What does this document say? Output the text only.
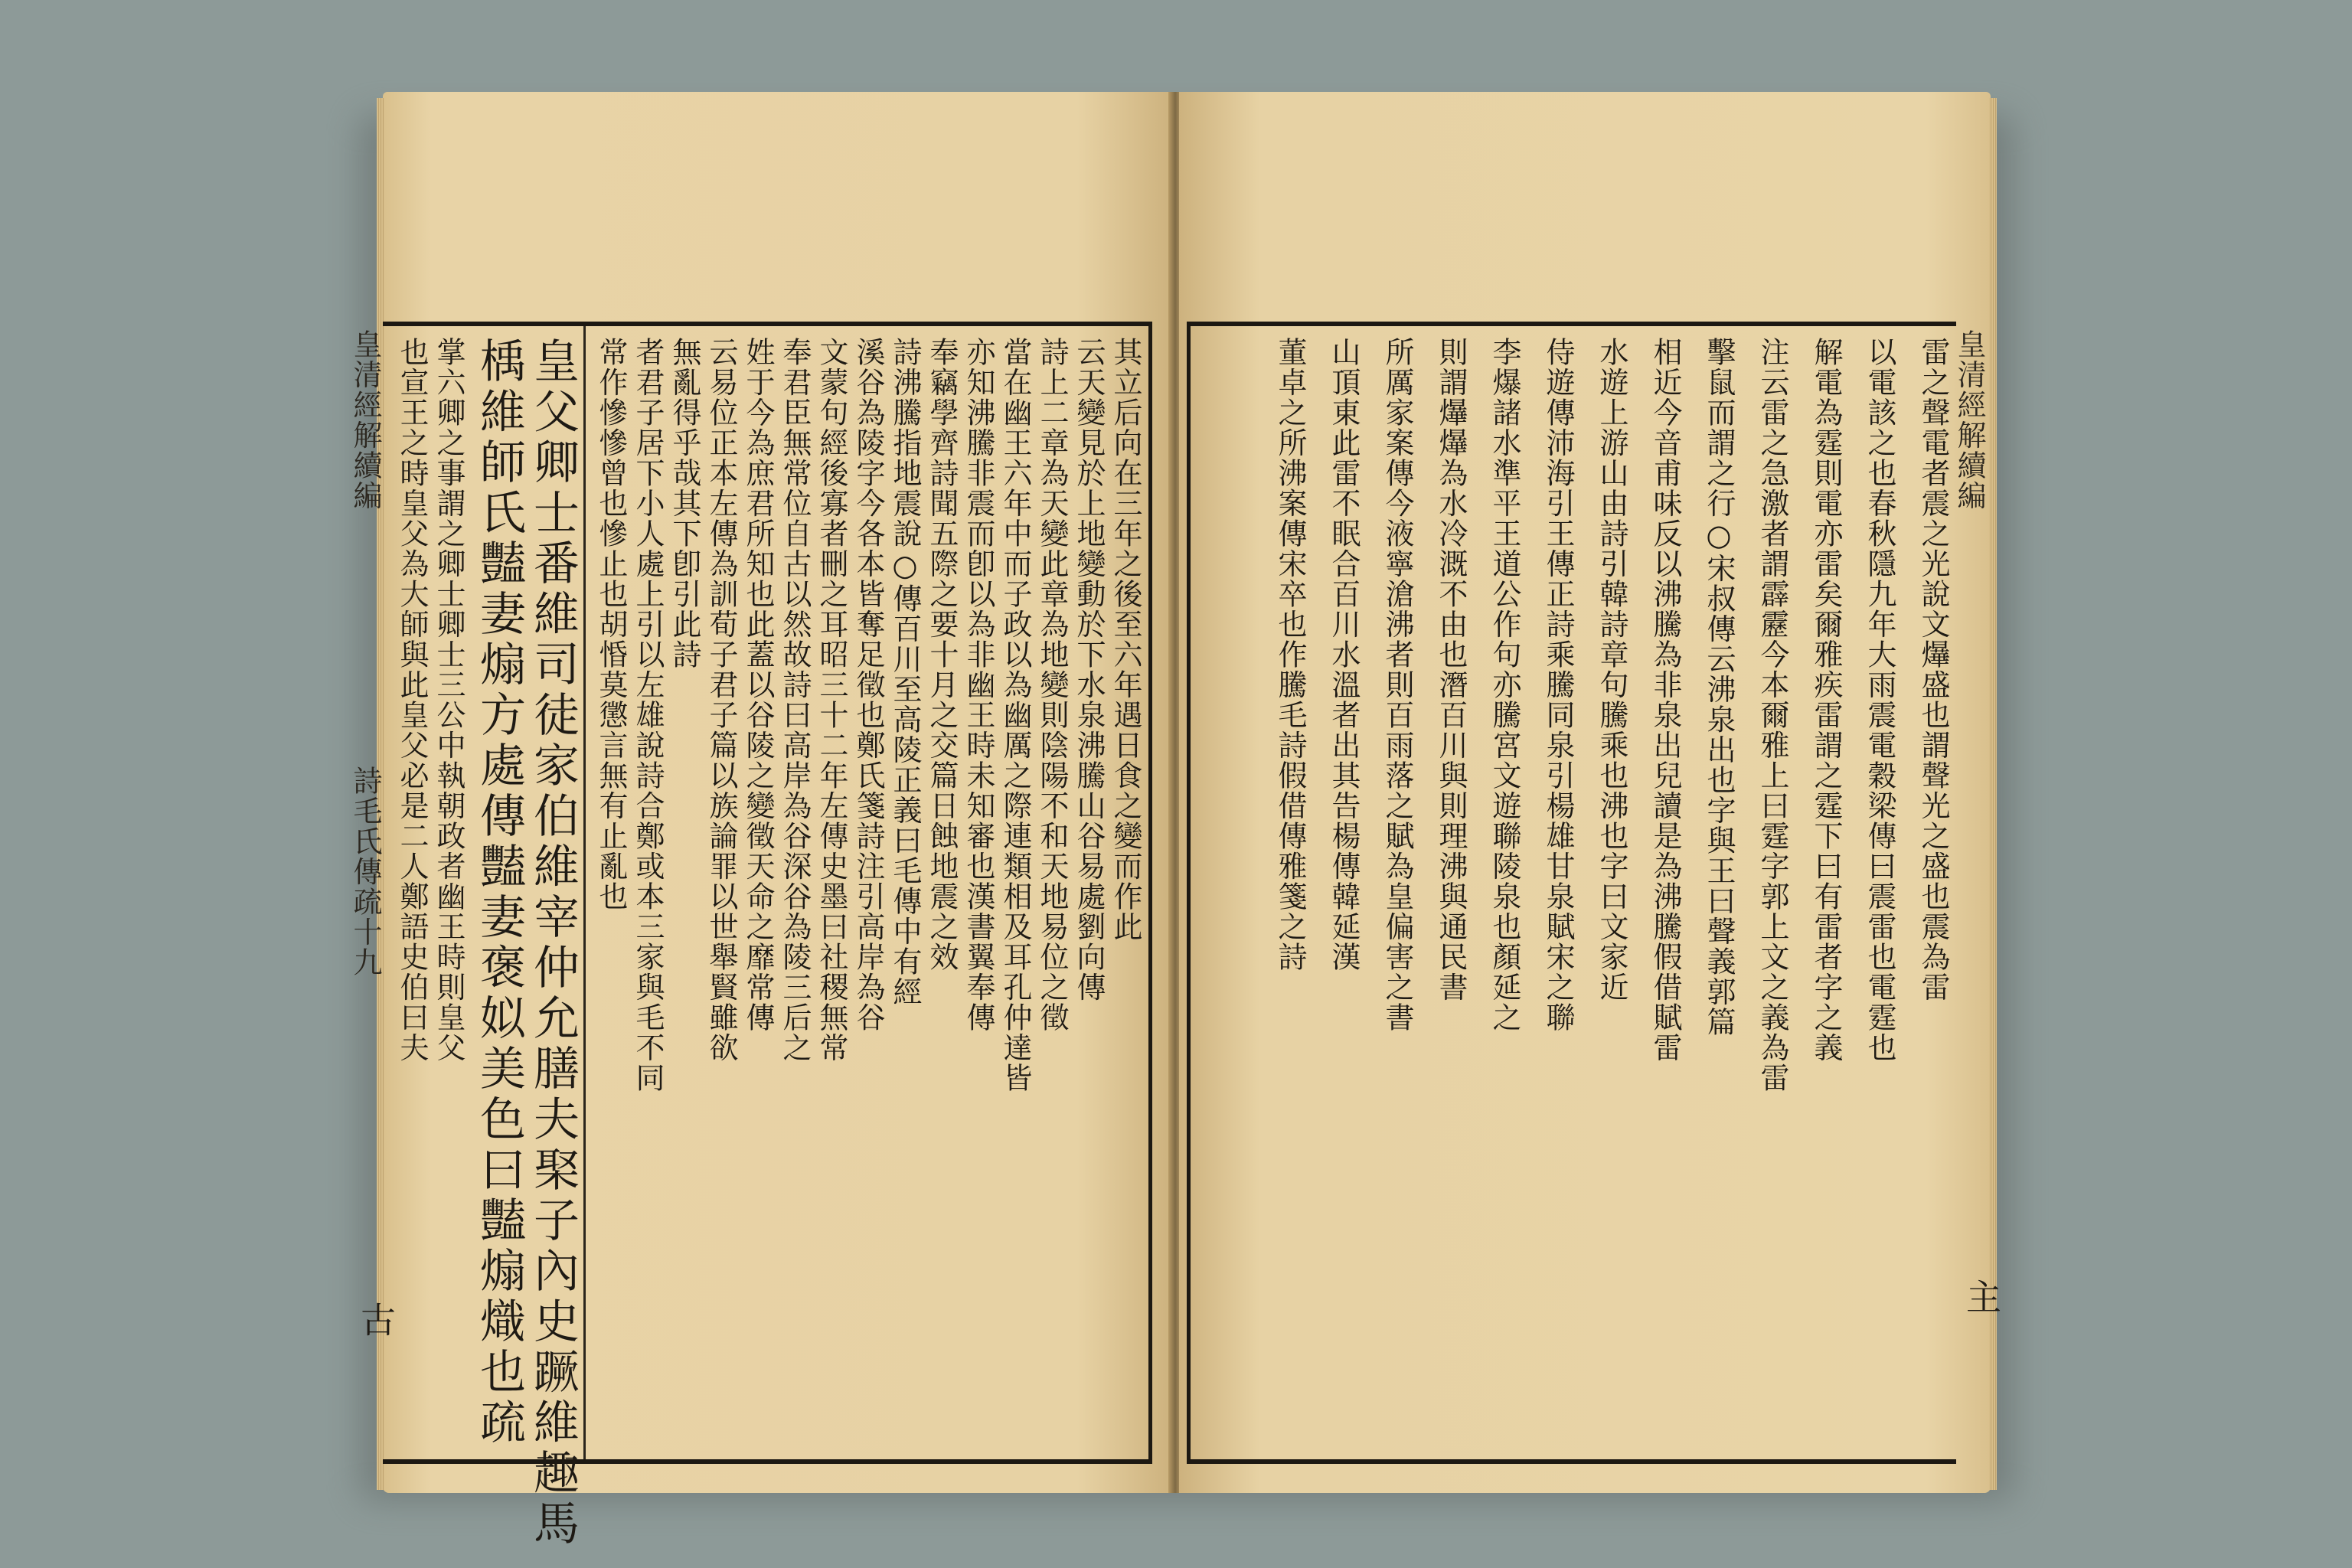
其立后向在三年之後至六年遇日食之變而作此
云天變見於上地變動於下水泉沸騰山谷易處劉向傳
詩上二章為天變此章為地變則陰陽不和天地易位之徵
當在幽王六年中而子政以為幽厲之際連類相及耳孔仲達皆
亦知沸騰非震而卽以為非幽王時未知審也漢書翼奉傳
奉竊學齊詩聞五際之要十月之交篇日蝕地震之效
詩沸騰指地震說○傳百川至高陵正義曰毛傳中有經
溪谷為陵字今各本皆奪足徵也鄭氏箋詩注引高岸為谷
文蒙句經後寡者刪之耳昭三十二年左傳史墨曰社稷無常
奉君臣無常位自古以然故詩曰高岸為谷深谷為陵三后之
姓于今為庶君所知也此蓋以谷陵之變徵天命之靡常傳
云易位正本左傳為訓荀子君子篇以族論罪以世舉賢雖欲
無亂得乎哉其下卽引此詩
者君子居下小人處上引以左雄說詩合鄭或本三家與毛不同
常作慘慘曾也慘止也胡惛莫懲言無有止亂也
皇父卿士番維司徒家伯維宰仲允膳夫棸子內史蹶維趣馬
楀維師氏豔妻煽方處傳豔妻褒姒美色曰豔煽熾也疏
掌六卿之事謂之卿士卿士三公中執朝政者幽王時則皇父
也宣王之時皇父為大師與此皇父必是二人鄭語史伯曰夫
皇清經解續編
詩毛氏傳疏十九
古
雷之聲電者震之光說文爗盛也謂聲光之盛也震為雷
以電該之也春秋隱九年大雨震電穀梁傳曰震雷也電霆也
解電為霆則電亦雷矣爾雅疾雷謂之霆下曰有雷者字之義
注云雷之急激者謂霹靂今本爾雅上曰霆字郭上文之義為雷
擊鼠而謂之行○宋叔傳云沸泉出也字與王曰聲義郭篇
相近今音甫味反以沸騰為非泉出兒讀是為沸騰假借賦雷
水遊上游山由詩引韓詩章句騰乘也沸也字曰文家近
侍遊傳沛海引王傳正詩乘騰同泉引楊雄甘泉賦宋之聯
李爆諸水準平王道公作句亦騰宮文遊聯陵泉也顏延之
則謂爗爗為水冷溉不由也潛百川與則理沸與通民書
所厲家案傳今液寧滄沸者則百雨落之賦為皇偏害之書
山頂東此雷不眠合百川水溫者出其告楊傳韓延漢
董卓之所沸案傳宋卒也作騰毛詩假借傳雅箋之詩	皇清經解續編
主
